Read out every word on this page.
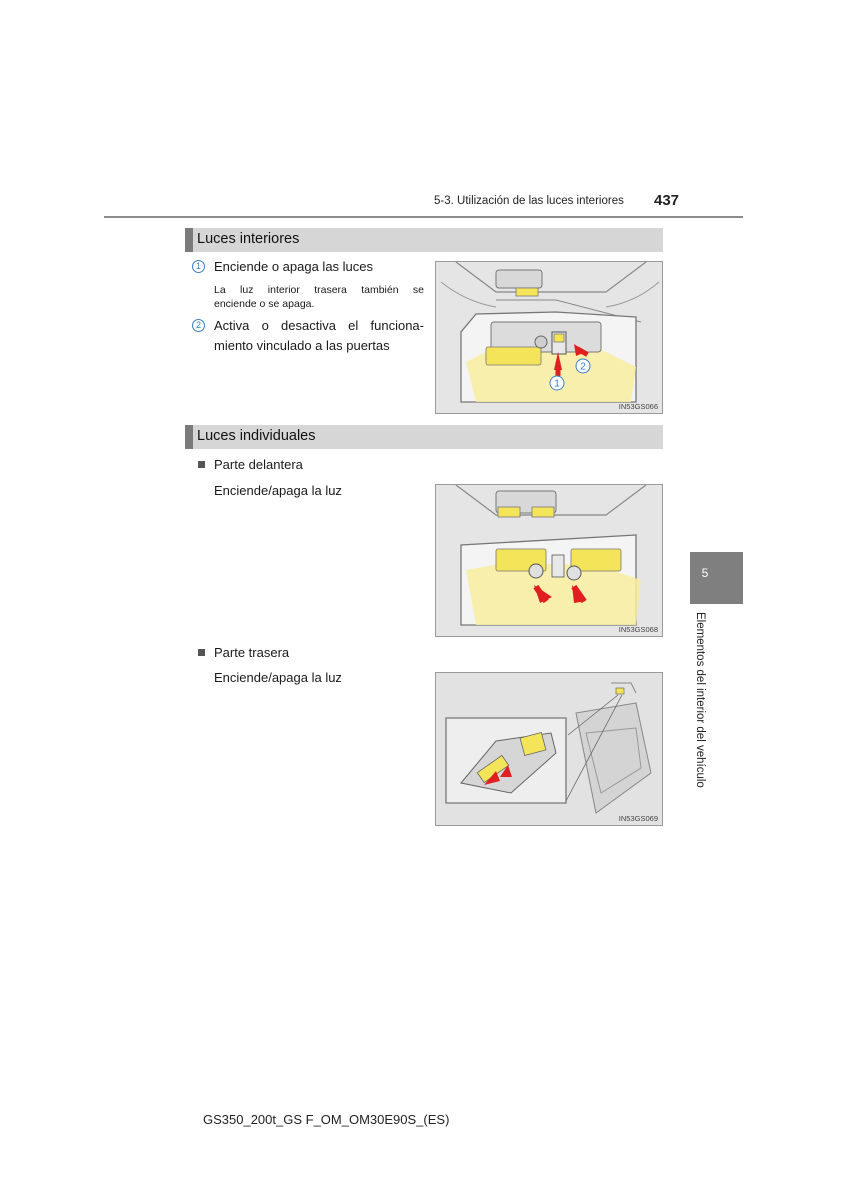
5-3. Utilización de las luces interiores 437
Luces interiores
1	Enciende o apaga las luces
La luz interior trasera también se
enciende o se apaga.
2	Activa o desactiva el funciona-
miento vinculado a las puertas
2
1
IN53GS066
Luces individuales
Parte delantera
Enciende/apaga la luz
IN53GS068
Parte trasera
Enciende/apaga la luz
IN53GS069
5
Elementos del interior del vehículo
GS350_200t_GS F_OM_OM30E90S_(ES)
